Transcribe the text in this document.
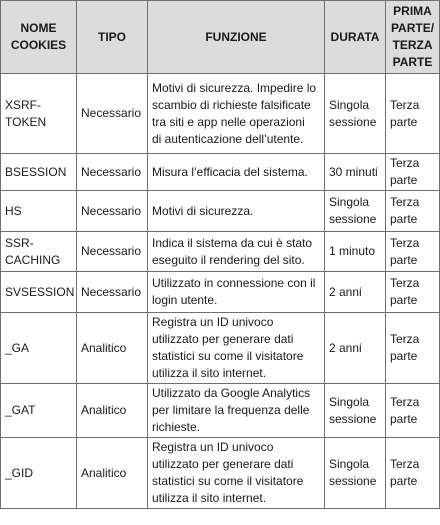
NOME
COOKIES	TIPO	FUNZIONE	DURATA	PRIMA
PARTE/
TERZA
PARTE

XSRF-
TOKEN	Necessario	Motivi di sicurezza. Impedire lo
scambio di richieste falsificate
tra siti e app nelle operazioni
di autenticazione dell’utente.	Singola
sessione	Terza
parte

BSESSION	Necessario	Misura l’efficacia del sistema.	30 minuti	Terza
parte

HS	Necessario	Motivi di sicurezza.	Singola
sessione	Terza
parte

SSR-
CACHING	Necessario	Indica il sistema da cui è stato
eseguito il rendering del sito.	1 minuto	Terza
parte

SVSESSION	Necessario	Utilizzato in connessione con il
login utente.	2 anni	Terza
parte

_GA	Analitico	Registra un ID univoco
utilizzato per generare dati
statistici su come il visitatore
utilizza il sito internet.	2 anni	Terza
parte

_GAT	Analitico	Utilizzato da Google Analytics
per limitare la frequenza delle
richieste.	Singola
sessione	Terza
parte

_GID	Analitico	Registra un ID univoco
utilizzato per generare dati
statistici su come il visitatore
utilizza il sito internet.	Singola
sessione	Terza
parte
